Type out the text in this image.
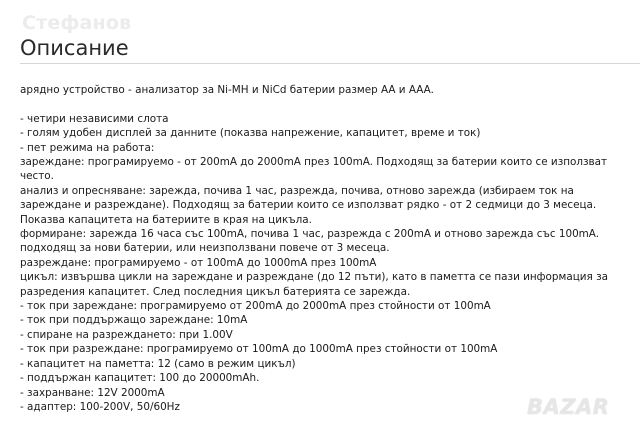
Стефанов
Описание
арядно устройство - анализатор за Ni-MH и NiCd батерии размер AA и AAA.
- четири независими слота
- голям удобен дисплей за данните (показва напрежение, капацитет, време и ток)
- пет режима на работа:
зареждане: програмируемо - от 200mA до 2000mA през 100mA. Подходящ за батерии които се използват често.
анализ и опресняване: зарежда, почива 1 час, разрежда, почива, отново зарежда (избираем ток на зареждане и разреждане). Подходящ за батерии които се използват рядко - от 2 седмици до 3 месеца. Показва капацитета на батериите в края на цикъла.
формиране: зарежда 16 часа със 100mA, почива 1 час, разрежда с 200mA и отново зарежда със 100mA. подходящ за нови батерии, или неизползвани повече от 3 месеца.
разреждане: програмируемо - от 100mA до 1000mA през 100mA
цикъл: извършва цикли на зареждане и разреждане (до 12 пъти), като в паметта се пази информация за разредения капацитет. След последния цикъл батерията се зарежда.
- ток при зареждане: програмируемо от 200mA до 2000mA през стойности от 100mA
- ток при поддържащо зареждане: 10mA
- спиране на разреждането: при 1.00V
- ток при разреждане: програмируемо от 100mA до 1000mA през стойности от 100mA
- капацитет на паметта: 12 (само в режим цикъл)
- поддържан капацитет: 100 до 20000mAh.
- захранване: 12V 2000mA
- адаптер: 100-200V, 50/60Hz	BAZAR
